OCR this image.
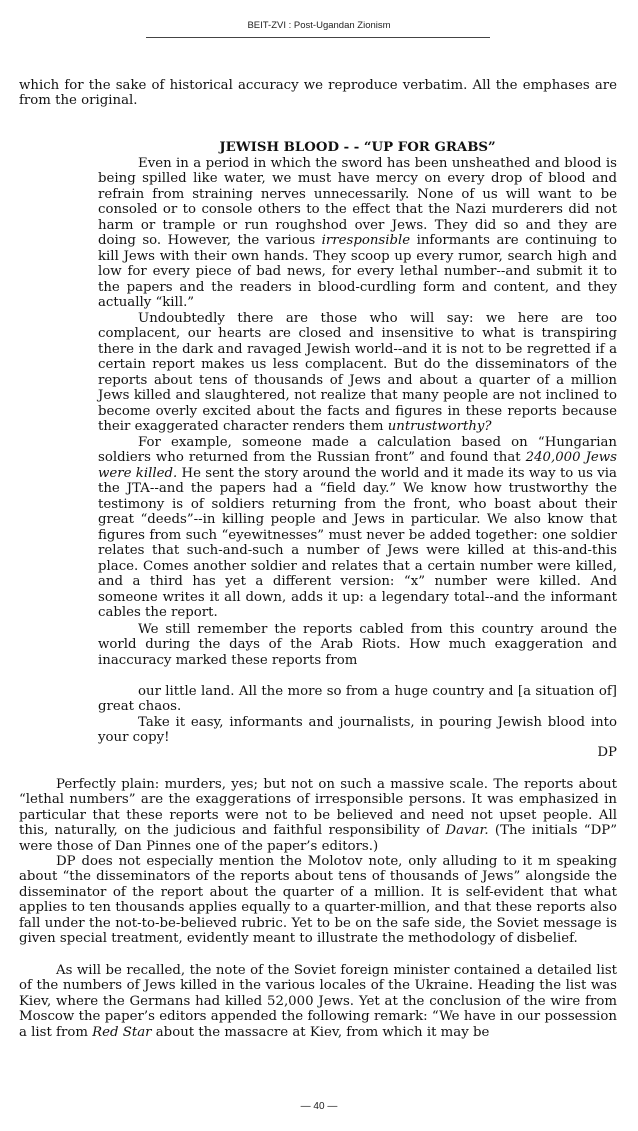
BEIT-ZVI : Post-Ugandan Zionism

which for the sake of historical accuracy we reproduce verbatim. All the emphases are from the original.

JEWISH BLOOD - - “UP FOR GRABS”

Even in a period in which the sword has been unsheathed and blood is being spilled like water, we must have mercy on every drop of blood and refrain from straining nerves unnecessarily. None of us will want to be consoled or to console others to the effect that the Nazi murderers did not harm or trample or run roughshod over Jews. They did so and they are doing so. However, the various irresponsible informants are continuing to kill Jews with their own hands. They scoop up every rumor, search high and low for every piece of bad news, for every lethal number--and submit it to the papers and the readers in blood-curdling form and content, and they actually “kill.”

Undoubtedly there are those who will say: we here are too complacent, our hearts are closed and insensitive to what is transpiring there in the dark and ravaged Jewish world--and it is not to be regretted if a certain report makes us less complacent. But do the disseminators of the reports about tens of thousands of Jews and about a quarter of a million Jews killed and slaughtered, not realize that many people are not inclined to become overly excited about the facts and figures in these reports because their exaggerated character renders them untrustworthy?

For example, someone made a calculation based on “Hungarian soldiers who returned from the Russian front” and found that 240,000 Jews were killed. He sent the story around the world and it made its way to us via the JTA--and the papers had a “field day.” We know how trustworthy the testimony is of soldiers returning from the front, who boast about their great “deeds”--in killing people and Jews in particular. We also know that figures from such “eyewitnesses” must never be added together: one soldier relates that such-and-such a number of Jews were killed at this-and-this place. Comes another soldier and relates that a certain number were killed, and a third has yet a different version: “x” number were killed. And someone writes it all down, adds it up: a legendary total--and the informant cables the report.

We still remember the reports cabled from this country around the world during the days of the Arab Riots. How much exaggeration and inaccuracy marked these reports from

our little land. All the more so from a huge country and [a situation of] great chaos.

Take it easy, informants and journalists, in pouring Jewish blood into your copy!

DP

Perfectly plain: murders, yes; but not on such a massive scale. The reports about “lethal numbers” are the exaggerations of irresponsible persons. It was emphasized in particular that these reports were not to be believed and need not upset people. All this, naturally, on the judicious and faithful responsibility of Davar. (The initials “DP” were those of Dan Pinnes one of the paper’s editors.)

DP does not especially mention the Molotov note, only alluding to it m speaking about “the disseminators of the reports about tens of thousands of Jews” alongside the disseminator of the report about the quarter of a million. It is self-evident that what applies to ten thousands applies equally to a quarter-million, and that these reports also fall under the not-to-be-believed rubric. Yet to be on the safe side, the Soviet message is given special treatment, evidently meant to illustrate the methodology of disbelief.

As will be recalled, the note of the Soviet foreign minister contained a detailed list of the numbers of Jews killed in the various locales of the Ukraine. Heading the list was Kiev, where the Germans had killed 52,000 Jews. Yet at the conclusion of the wire from Moscow the paper’s editors appended the following remark: “We have in our possession a list from Red Star about the massacre at Kiev, from which it may be

— 40 —
